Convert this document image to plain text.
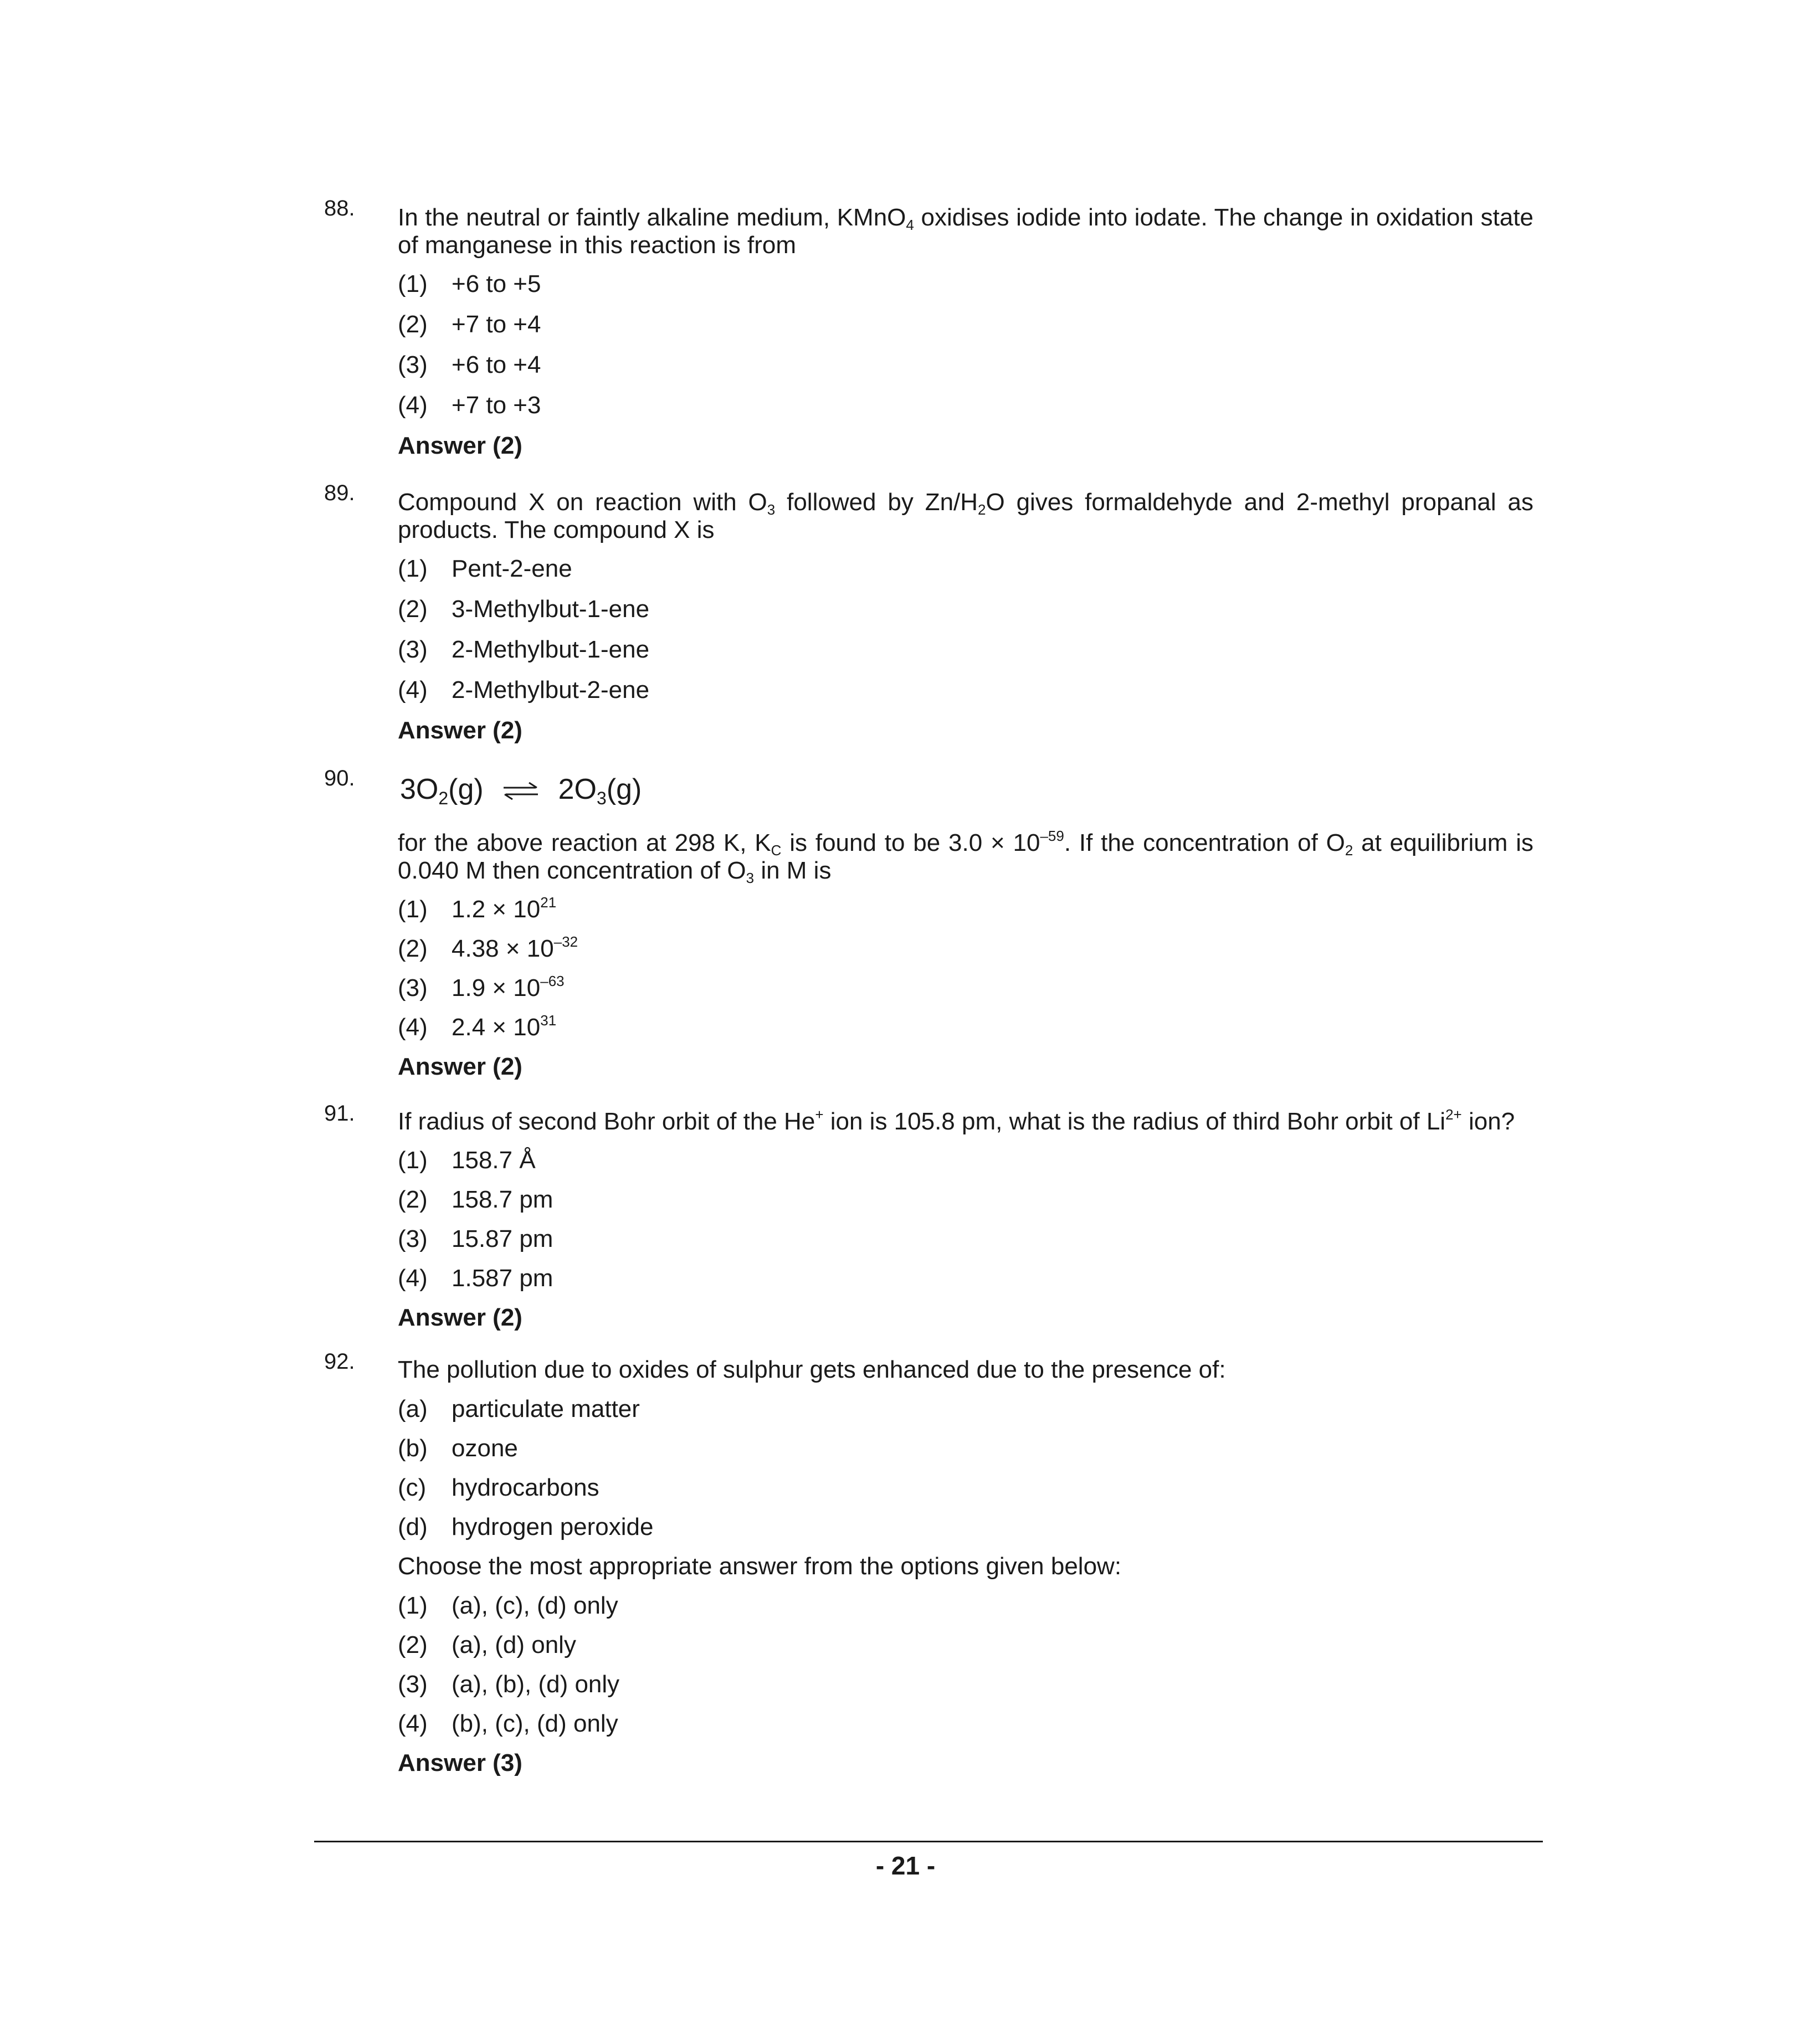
88. In the neutral or faintly alkaline medium, KMnO$_4$ oxidises iodide into iodate. The change in oxidation state of manganese in this reaction is from
(1) +6 to +5
(2) +7 to +4
(3) +6 to +4
(4) +7 to +3
Answer (2)
89. Compound X on reaction with $O_3$ followed by $Zn/H_2O$ gives formaldehyde and 2-methyl propanal as products. The compound X is
(1) Pent-2-ene
(2) 3-Methylbut-1-ene
(3) 2-Methylbut-1-ene
(4) 2-Methylbut-2-ene
Answer (2)
90. $3O_2(g)$ ⇌ $2O_3(g)$
for the above reaction at 298 K, $K_C$ is found to be $3.0 \times 10^{-59}$. If the concentration of $O_2$ at equilibrium is 0.040 M then concentration of $O_3$ in M is
(1) $1.2 \times 10^{21}$
(2) $4.38 \times 10^{-32}$
(3) $1.9 \times 10^{-63}$
(4) $2.4 \times 10^{31}$
Answer (2)
91. If radius of second Bohr orbit of the He+ ion is 105.8 pm, what is the radius of third Bohr orbit of $Li^{2+}$ ion?
(1) 158.7 Å
(2) 158.7 pm
(3) 15.87 pm
(4) 1.587 pm
Answer (2)
92. The pollution due to oxides of sulphur gets enhanced due to the presence of:
(a) particulate matter
(b) ozone
(c) hydrocarbons
(d) hydrogen peroxide
Choose the most appropriate answer from the options given below:
(1) (a), (c), (d) only
(2) (a), (d) only
(3) (a), (b), (d) only
(4) (b), (c), (d) only
Answer (3)
- 21 -
